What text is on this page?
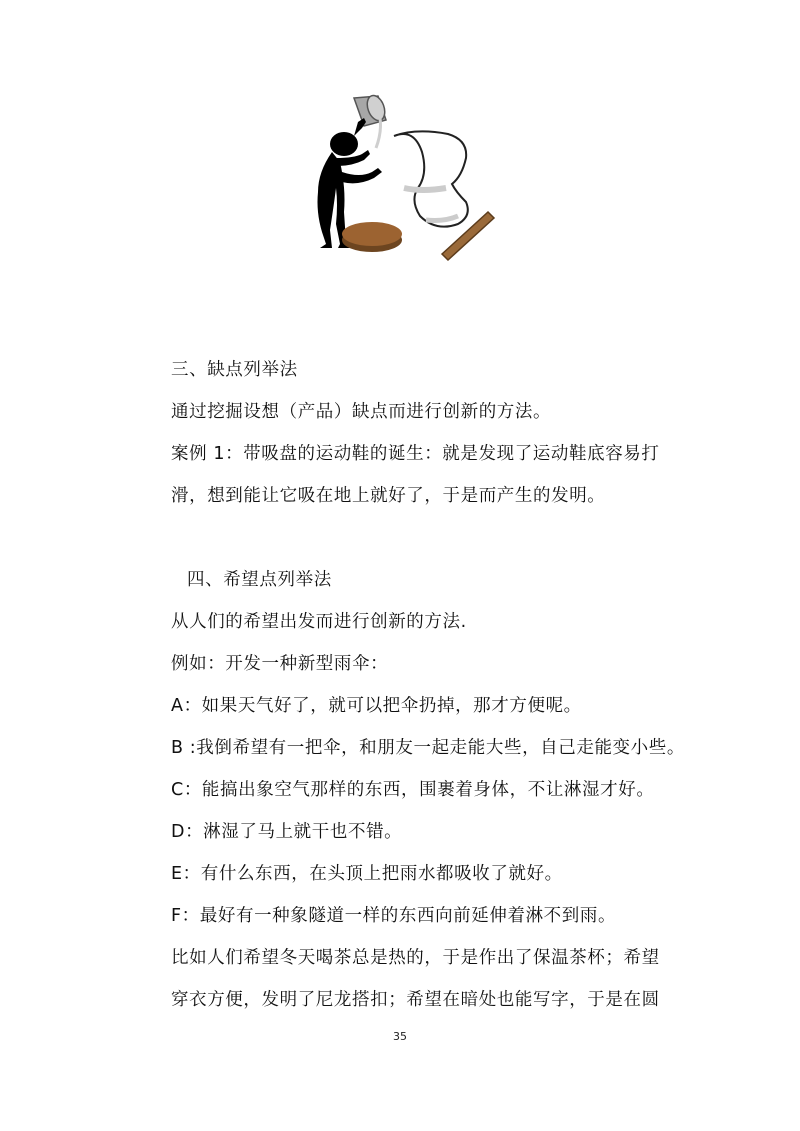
三、缺点列举法
通过挖掘设想（产品）缺点而进行创新的方法。
案例 1：带吸盘的运动鞋的诞生：就是发现了运动鞋底容易打
滑，想到能让它吸在地上就好了，于是而产生的发明。
四、希望点列举法
从人们的希望出发而进行创新的方法.
例如：开发一种新型雨伞：
A：如果天气好了，就可以把伞扔掉，那才方便呢。
B :我倒希望有一把伞，和朋友一起走能大些，自己走能变小些。
C：能搞出象空气那样的东西，围裹着身体，不让淋湿才好。
D：淋湿了马上就干也不错。
E：有什么东西，在头顶上把雨水都吸收了就好。
F：最好有一种象隧道一样的东西向前延伸着淋不到雨。
比如人们希望冬天喝茶总是热的，于是作出了保温茶杯；希望
穿衣方便，发明了尼龙搭扣；希望在暗处也能写字，于是在圆
35
